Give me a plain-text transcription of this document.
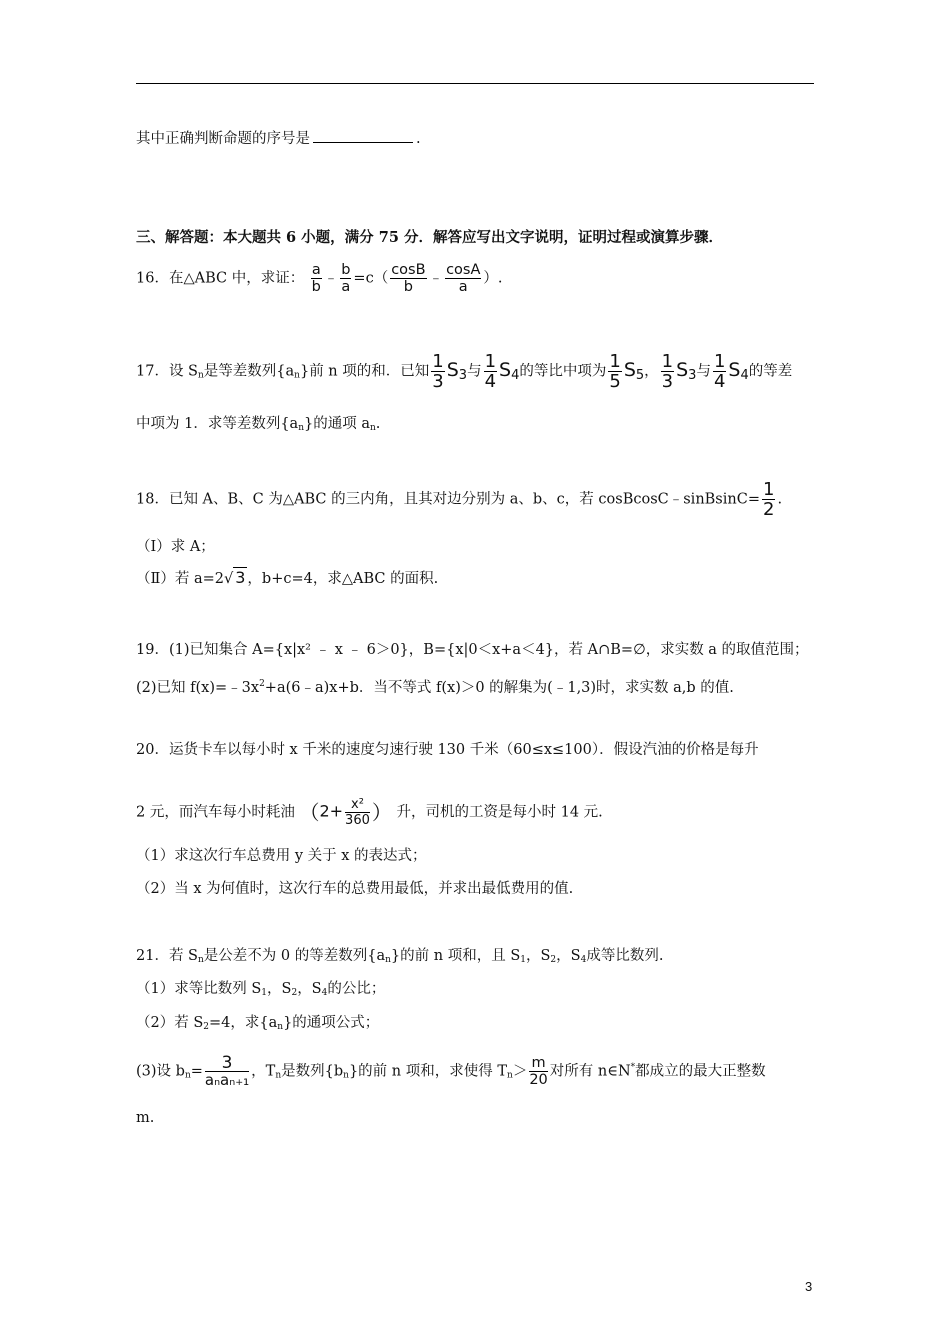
其中正确判断命题的序号是	.
三、解答题：本大题共 6 小题，满分 75 分．解答应写出文字说明，证明过程或演算步骤．
16．在△ABC 中，求证： $\frac{a}{b}$ ﹣ $\frac{b}{a} =c( \frac{\cos B}{b}$ ﹣ $\frac{\cos A}{a}$ ）.
17．设 $S_n$是等差数列$\{a_n\}$前 n 项的和．已知 $\frac{1}{3} S_3$与 $\frac{1}{4} S_4$的等比中项为 $\frac{1}{5} S_5$， $\frac{1}{3} S_3$与 $\frac{1}{4} S_4$的等差
中项为 1．求等差数列$\{a_n\}$的通项 $a_n$.
18．已知 A、B、C 为△ABC 的三内角，且其对边分别为 a、b、c，若 cosBcosC﹣sinBsinC= $\frac{1}{2}$ .
（Ⅰ）求 A；
（Ⅱ）若 a=2√ 3 ，b+c=4，求△ABC 的面积.
19．(1)已知集合 A={x|x² ﹣ x ﹣ 6＞0}，B={x|0＜x+a＜4}，若 A∩B=∅，求实数 a 的取值范围；
(2)已知 $f(x)=﹣3x^2+a(6﹣a)x+b$．当不等式 f(x)＞0 的解集为(﹣1,3)时，求实数 a,b 的值.
20．运货卡车以每小时 x 千米的速度匀速行驶 130 千米（60≤x≤100）．假设汽油的价格是每升
2 元，而汽车每小时耗油 （$2+ \frac{\text{x²}}{360}$ ） 升，司机的工资是每小时 14 元.
（1）求这次行车总费用 y 关于 x 的表达式；
（2）当 x 为何值时，这次行车的总费用最低，并求出最低费用的值.
21．若 $S_n$是公差不为 0 的等差数列$\{a_n\}$的前 n 项和，且 $S_1$，$S_2$，$S_4$成等比数列.
（1）求等比数列 $S_1$，$S_2$，$S_4$的公比；
（2）若 $S_2=4$，求$\{a_n\}$的通项公式；
(3)设 $b_n= \frac{3}{\text{aₙaₙ₊₁}}$ ，$T_n$是数列$\{b_n\}$的前 n 项和，求使得 $T_n> \frac{m}{20}$ 对所有 n∈N*都成立的最大正整数
m.
3
